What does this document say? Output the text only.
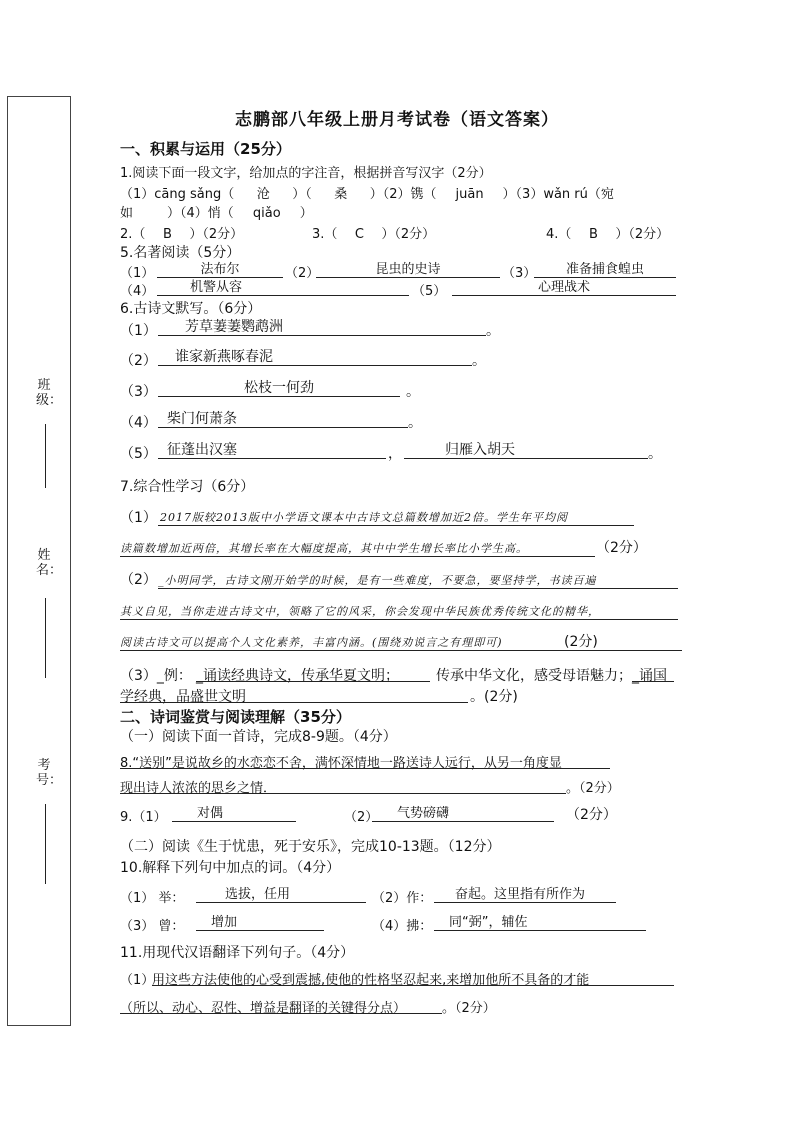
班级：
姓名：
考号：
志鹏部八年级上册月考试卷（语文答案）
一、积累与运用（25分）
1.阅读下面一段文字，给加点的字注音，根据拼音写汉字（2分）
（1）cāng sǎng（ 沧 ）（ 桑 ）（2）镌（ juān ）（3）wǎn rú（宛
如	）（4）悄（ qiǎo ）
2.（ B ）（2分）	3.（ C ）（2分）	4.（ B ）（2分）
5.名著阅读（5分）
（1）	法布尔	（2）	昆虫的史诗	（3）	准备捕食蝗虫
（4）	机警从容	（5）	心理战术
6.古诗文默写。（6分）
（1）	芳草萋萋鹦鹉洲	。
（2）	谁家新燕啄春泥	。
（3）	松枝一何劲	。
（4） 柴门何萧条	。
（5） 征蓬出汉塞	，	归雁入胡天	。
7.综合性学习（6分）
（1） 2017版较2013版中小学语文课本中古诗文总篇数增加近2倍。学生年平均阅
读篇数增加近两倍，其增长率在大幅度提高，其中中学生增长率比小学生高。	（2分）
（2） _小明同学，古诗文刚开始学的时候，是有一些难度，不要急，要坚持学，书读百遍
其义自见，当你走进古诗文中，领略了它的风采，你会发现中华民族优秀传统文化的精华，
阅读古诗文可以提高个人文化素养，丰富内涵。(围绕劝说言之有理即可)	(2分)
（3）_例： _诵读经典诗文，传承华夏文明；	传承中华文化，感受母语魅力； _诵国
学经典，品盛世文明	。(2分)
二、诗词鉴赏与阅读理解（35分）
（一）阅读下面一首诗，完成8-9题。（4分）
8.“送别”是说故乡的水恋恋不舍，满怀深情地一路送诗人远行，从另一角度显
现出诗人浓浓的思乡之情．	。（2分）
9.（1）	对偶	（2）	气势磅礴	（2分）
（二）阅读《生于忧患，死于安乐》，完成10-13题。（12分）
10.解释下列句中加点的词。（4分）
（1） 举：	选拔，任用	（2）作：	奋起。这里指有所作为
（3） 曾：	增加	（4）拂：	同“弼”，辅佐
11.用现代汉语翻译下列句子。（4分）
（1）
用这些方法使他的心受到震撼,使他的性格坚忍起来,来增加他所不具备的才能
（所以、动心、忍性、增益是翻译的关键得分点）	。（2分）
